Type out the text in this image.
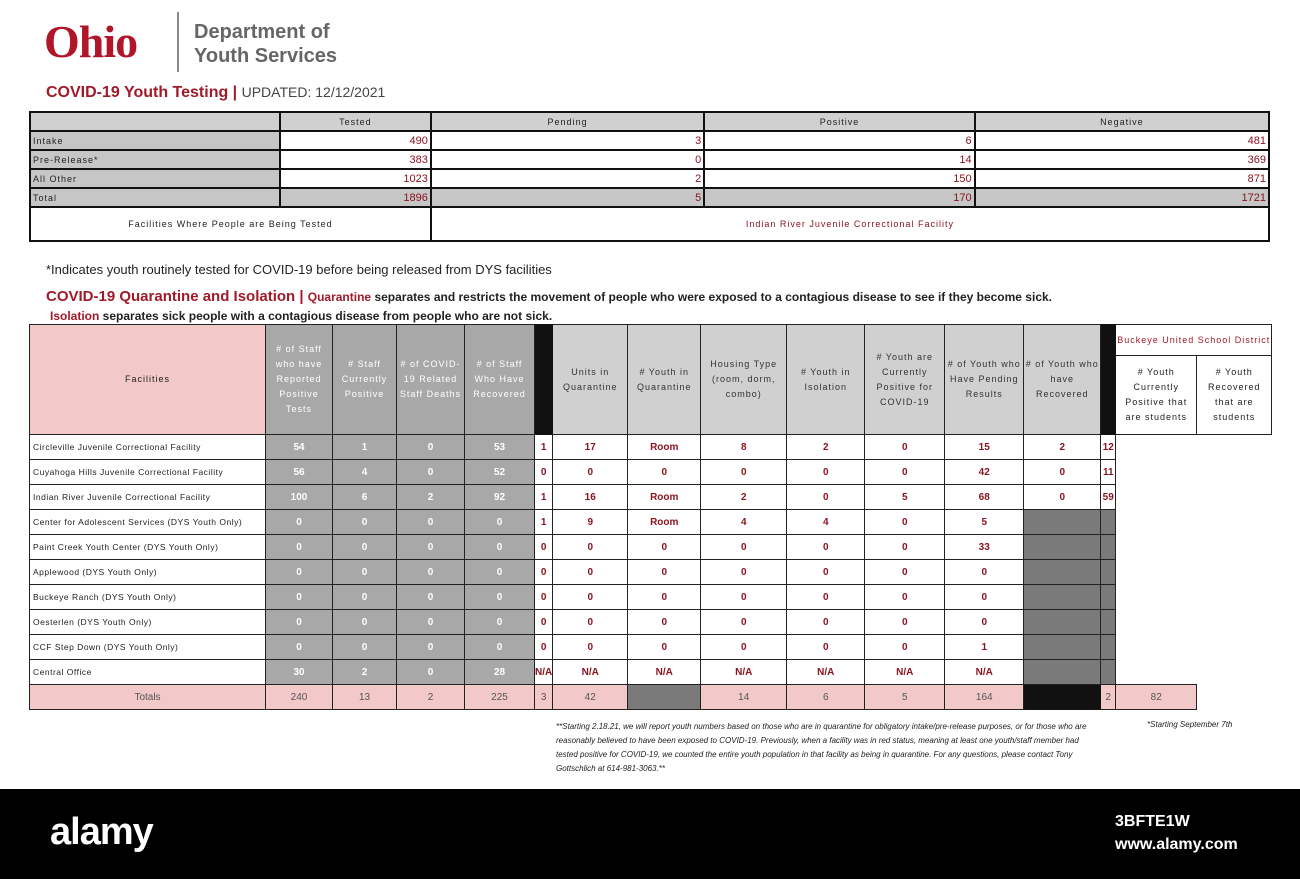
Ohio	Department of
Youth Services
COVID-19 Youth Testing | UPDATED: 12/12/2021
	Tested	Pending	Positive	Negative
Intake	490	3	6	481
Pre-Release*	383	0	14	369
All Other	1023	2	150	871
Total	1896	5	170	1721
Facilities Where People are Being Tested		Indian River Juvenile Correctional Facility		
*Indicates youth routinely tested for COVID-19 before being released from DYS facilities
COVID-19 Quarantine and Isolation | Quarantine separates and restricts the movement of people who were exposed to a contagious disease to see if they become sick.
Isolation separates sick people with a contagious disease from people who are not sick.
Facilities	# of Staff who have Reported Positive Tests	# Staff Currently Positive	# of COVID-19 Related Staff Deaths	# of Staff Who Have Recovered		Units in Quarantine	# Youth in Quarantine	Housing Type (room, dorm, combo)	# Youth in Isolation	# Youth are Currently Positive for COVID-19	# of Youth who Have Pending Results	# of Youth who have Recovered		Buckeye United School District	
														# Youth Currently Positive that are students	# Youth Recovered that are students
Circleville Juvenile Correctional Facility	54	1	0	53	1	17	Room	8	2	0	15	2	12		
Cuyahoga Hills Juvenile Correctional Facility	56	4	0	52	0	0	0	0	0	0	42	0	11		
Indian River Juvenile Correctional Facility	100	6	2	92	1	16	Room	2	0	5	68	0	59		
Center for Adolescent Services (DYS Youth Only)	0	0	0	0	1	9	Room	4	4	0	5				
Paint Creek Youth Center (DYS Youth Only)	0	0	0	0	0	0	0	0	0	0	33				
Applewood (DYS Youth Only)	0	0	0	0	0	0	0	0	0	0	0				
Buckeye Ranch (DYS Youth Only)	0	0	0	0	0	0	0	0	0	0	0				
Oesterlen (DYS Youth Only)	0	0	0	0	0	0	0	0	0	0	0				
CCF Step Down (DYS Youth Only)	0	0	0	0	0	0	0	0	0	0	1				
Central Office	30	2	0	28	N/A	N/A	N/A	N/A	N/A	N/A	N/A				
Totals	240	13	2	225	3	42		14	6	5	164		2	82	
**Starting 2.18.21, we will report youth numbers based on those who are in quarantine for obligatory intake/pre-release purposes, or for those who are reasonably believed to have been exposed to COVID-19. Previously, when a facility was in red status, meaning at least one youth/staff member had tested positive for COVID-19, we counted the entire youth population in that facility as being in quarantine. For any questions, please contact Tony Gottschlich at 614-981-3063.**
*Starting September 7th
alamy	3BFTE1W
www.alamy.com
